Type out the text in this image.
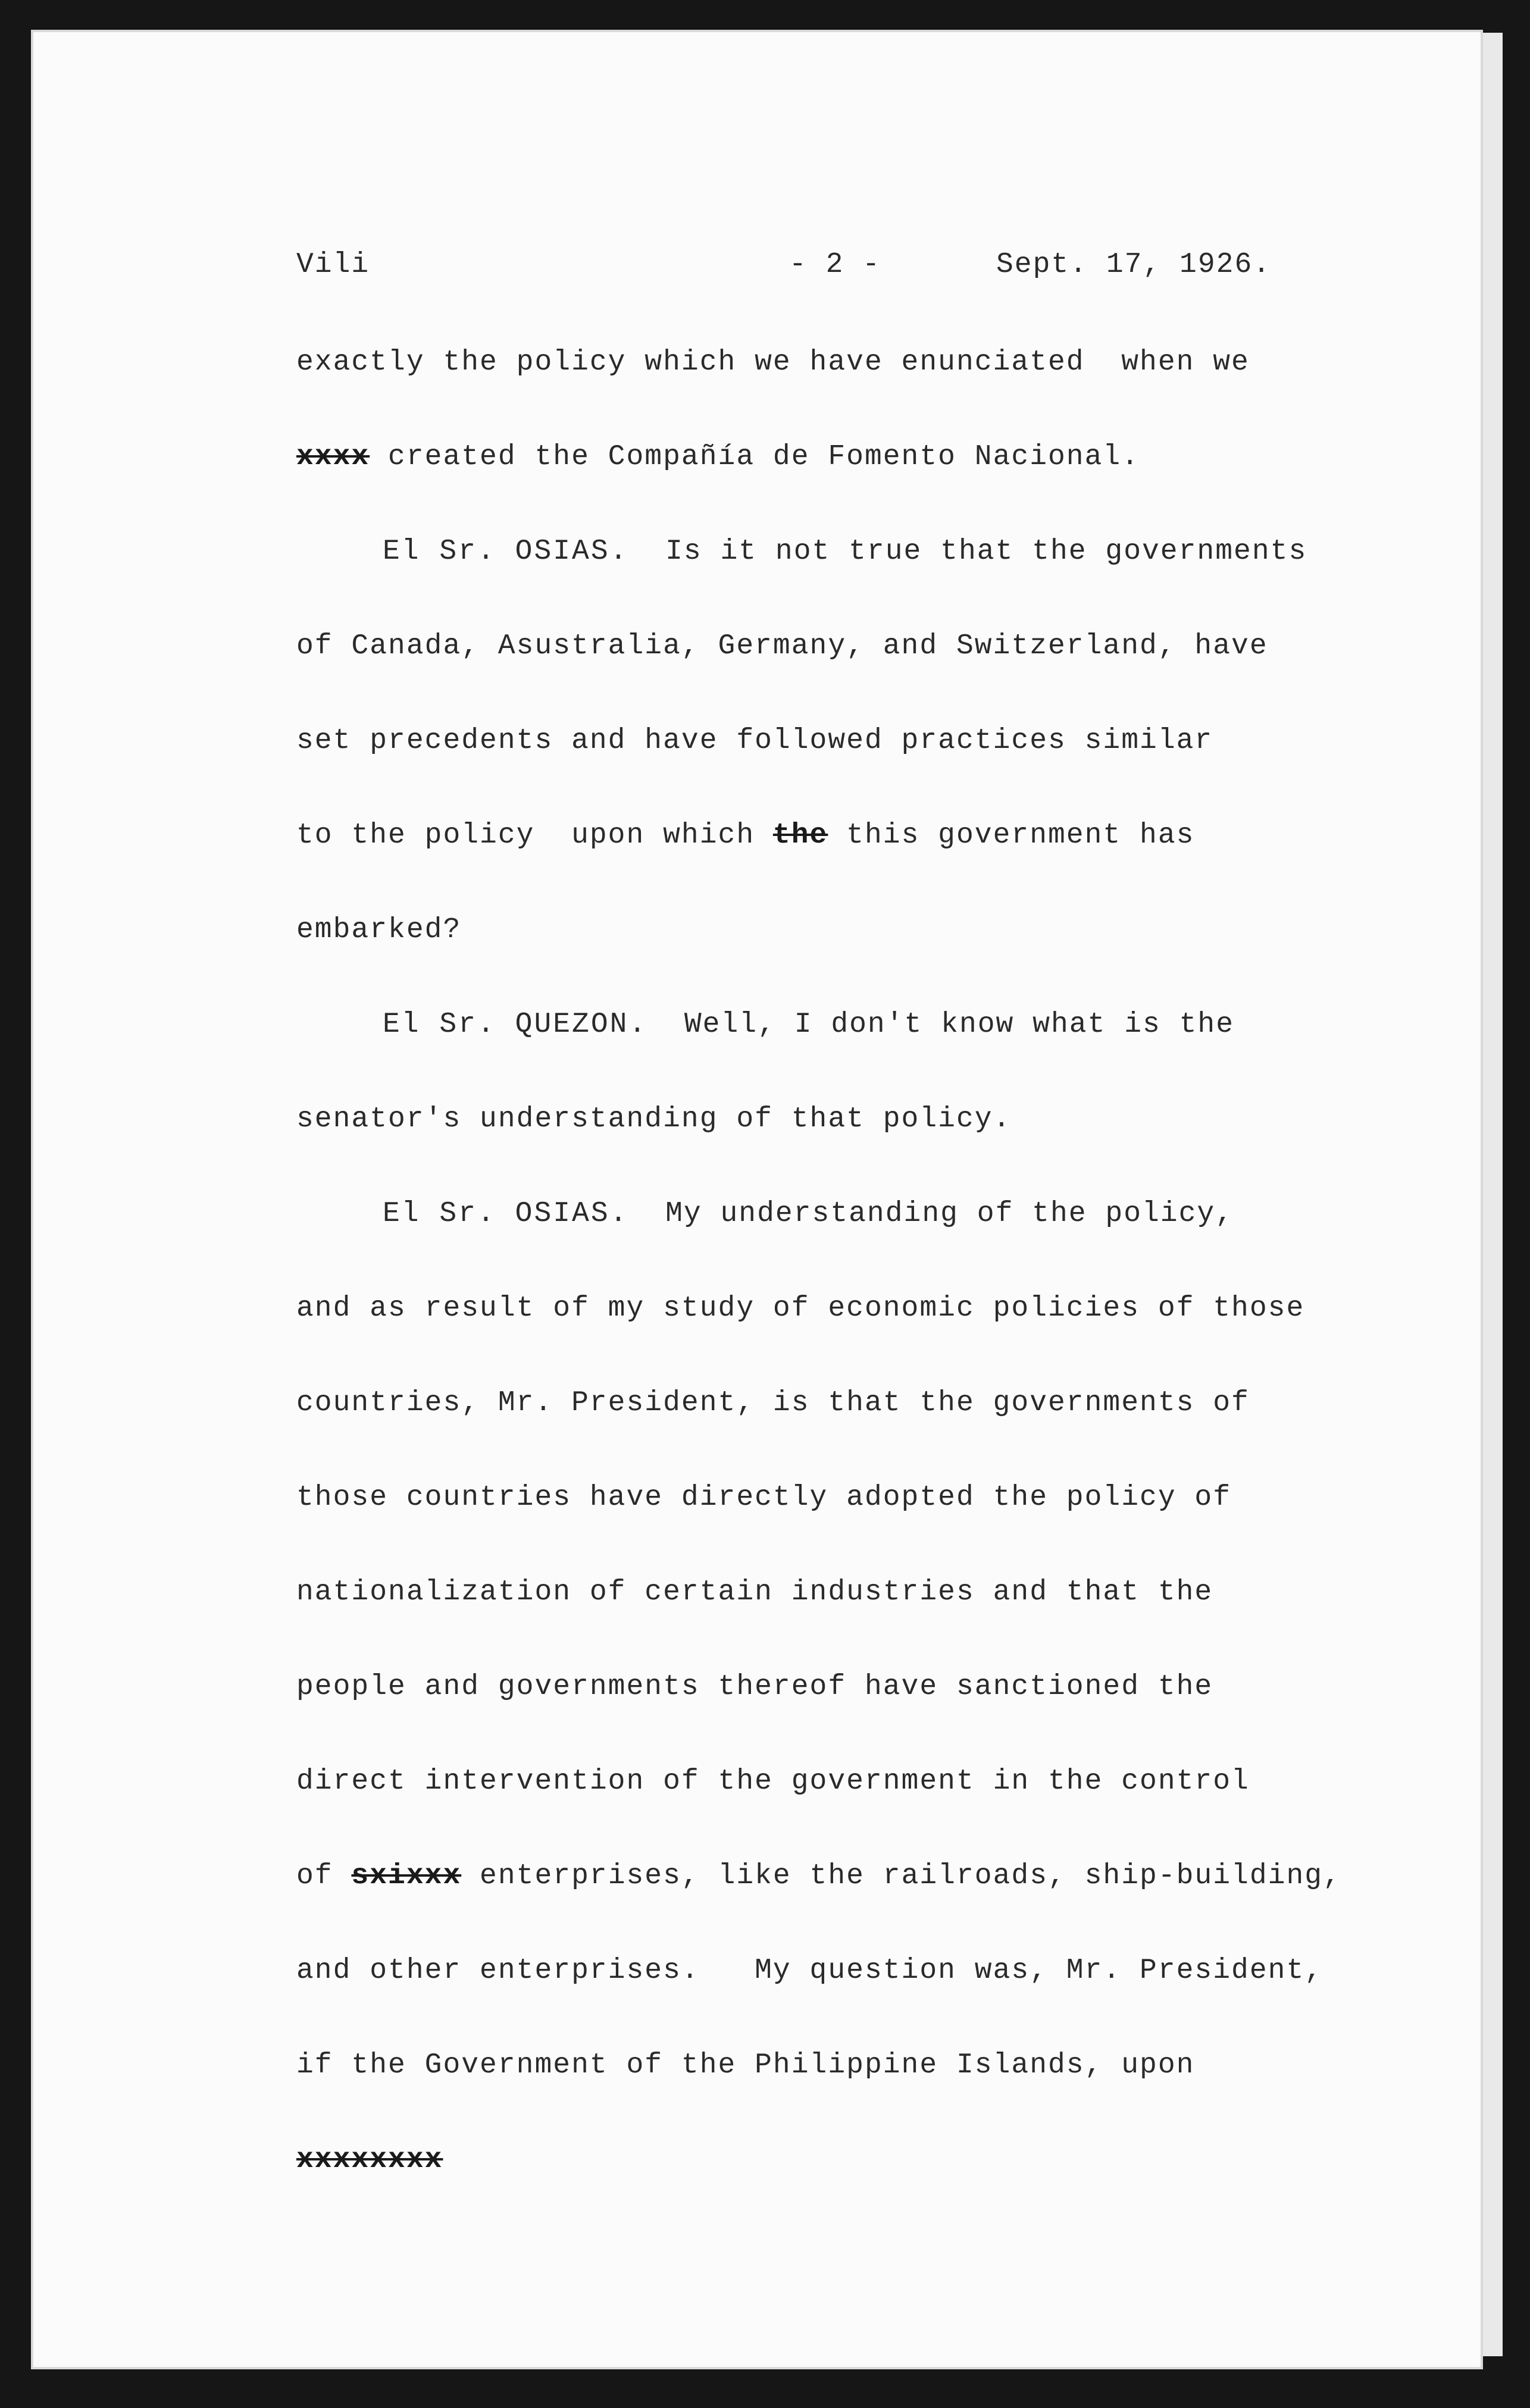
Vili	- 2 -	Sept. 17, 1926.
exactly the policy which we have enunciated  when we
xxxx created the Compañía de Fomento Nacional.
El Sr. OSIAS.  Is it not true that the governments
of Canada, Asustralia, Germany, and Switzerland, have
set precedents and have followed practices similar
to the policy  upon which the this government has
embarked?
El Sr. QUEZON.  Well, I don't know what is the
senator's understanding of that policy.
El Sr. OSIAS.  My understanding of the policy,
and as result of my study of economic policies of those
countries, Mr. President, is that the governments of
those countries have directly adopted the policy of
nationalization of certain industries and that the
people and governments thereof have sanctioned the
direct intervention of the government in the control
of sxixxx enterprises, like the railroads, ship-building,
and other enterprises.   My question was, Mr. President,
if the Government of the Philippine Islands, upon
xxxxxxxx
